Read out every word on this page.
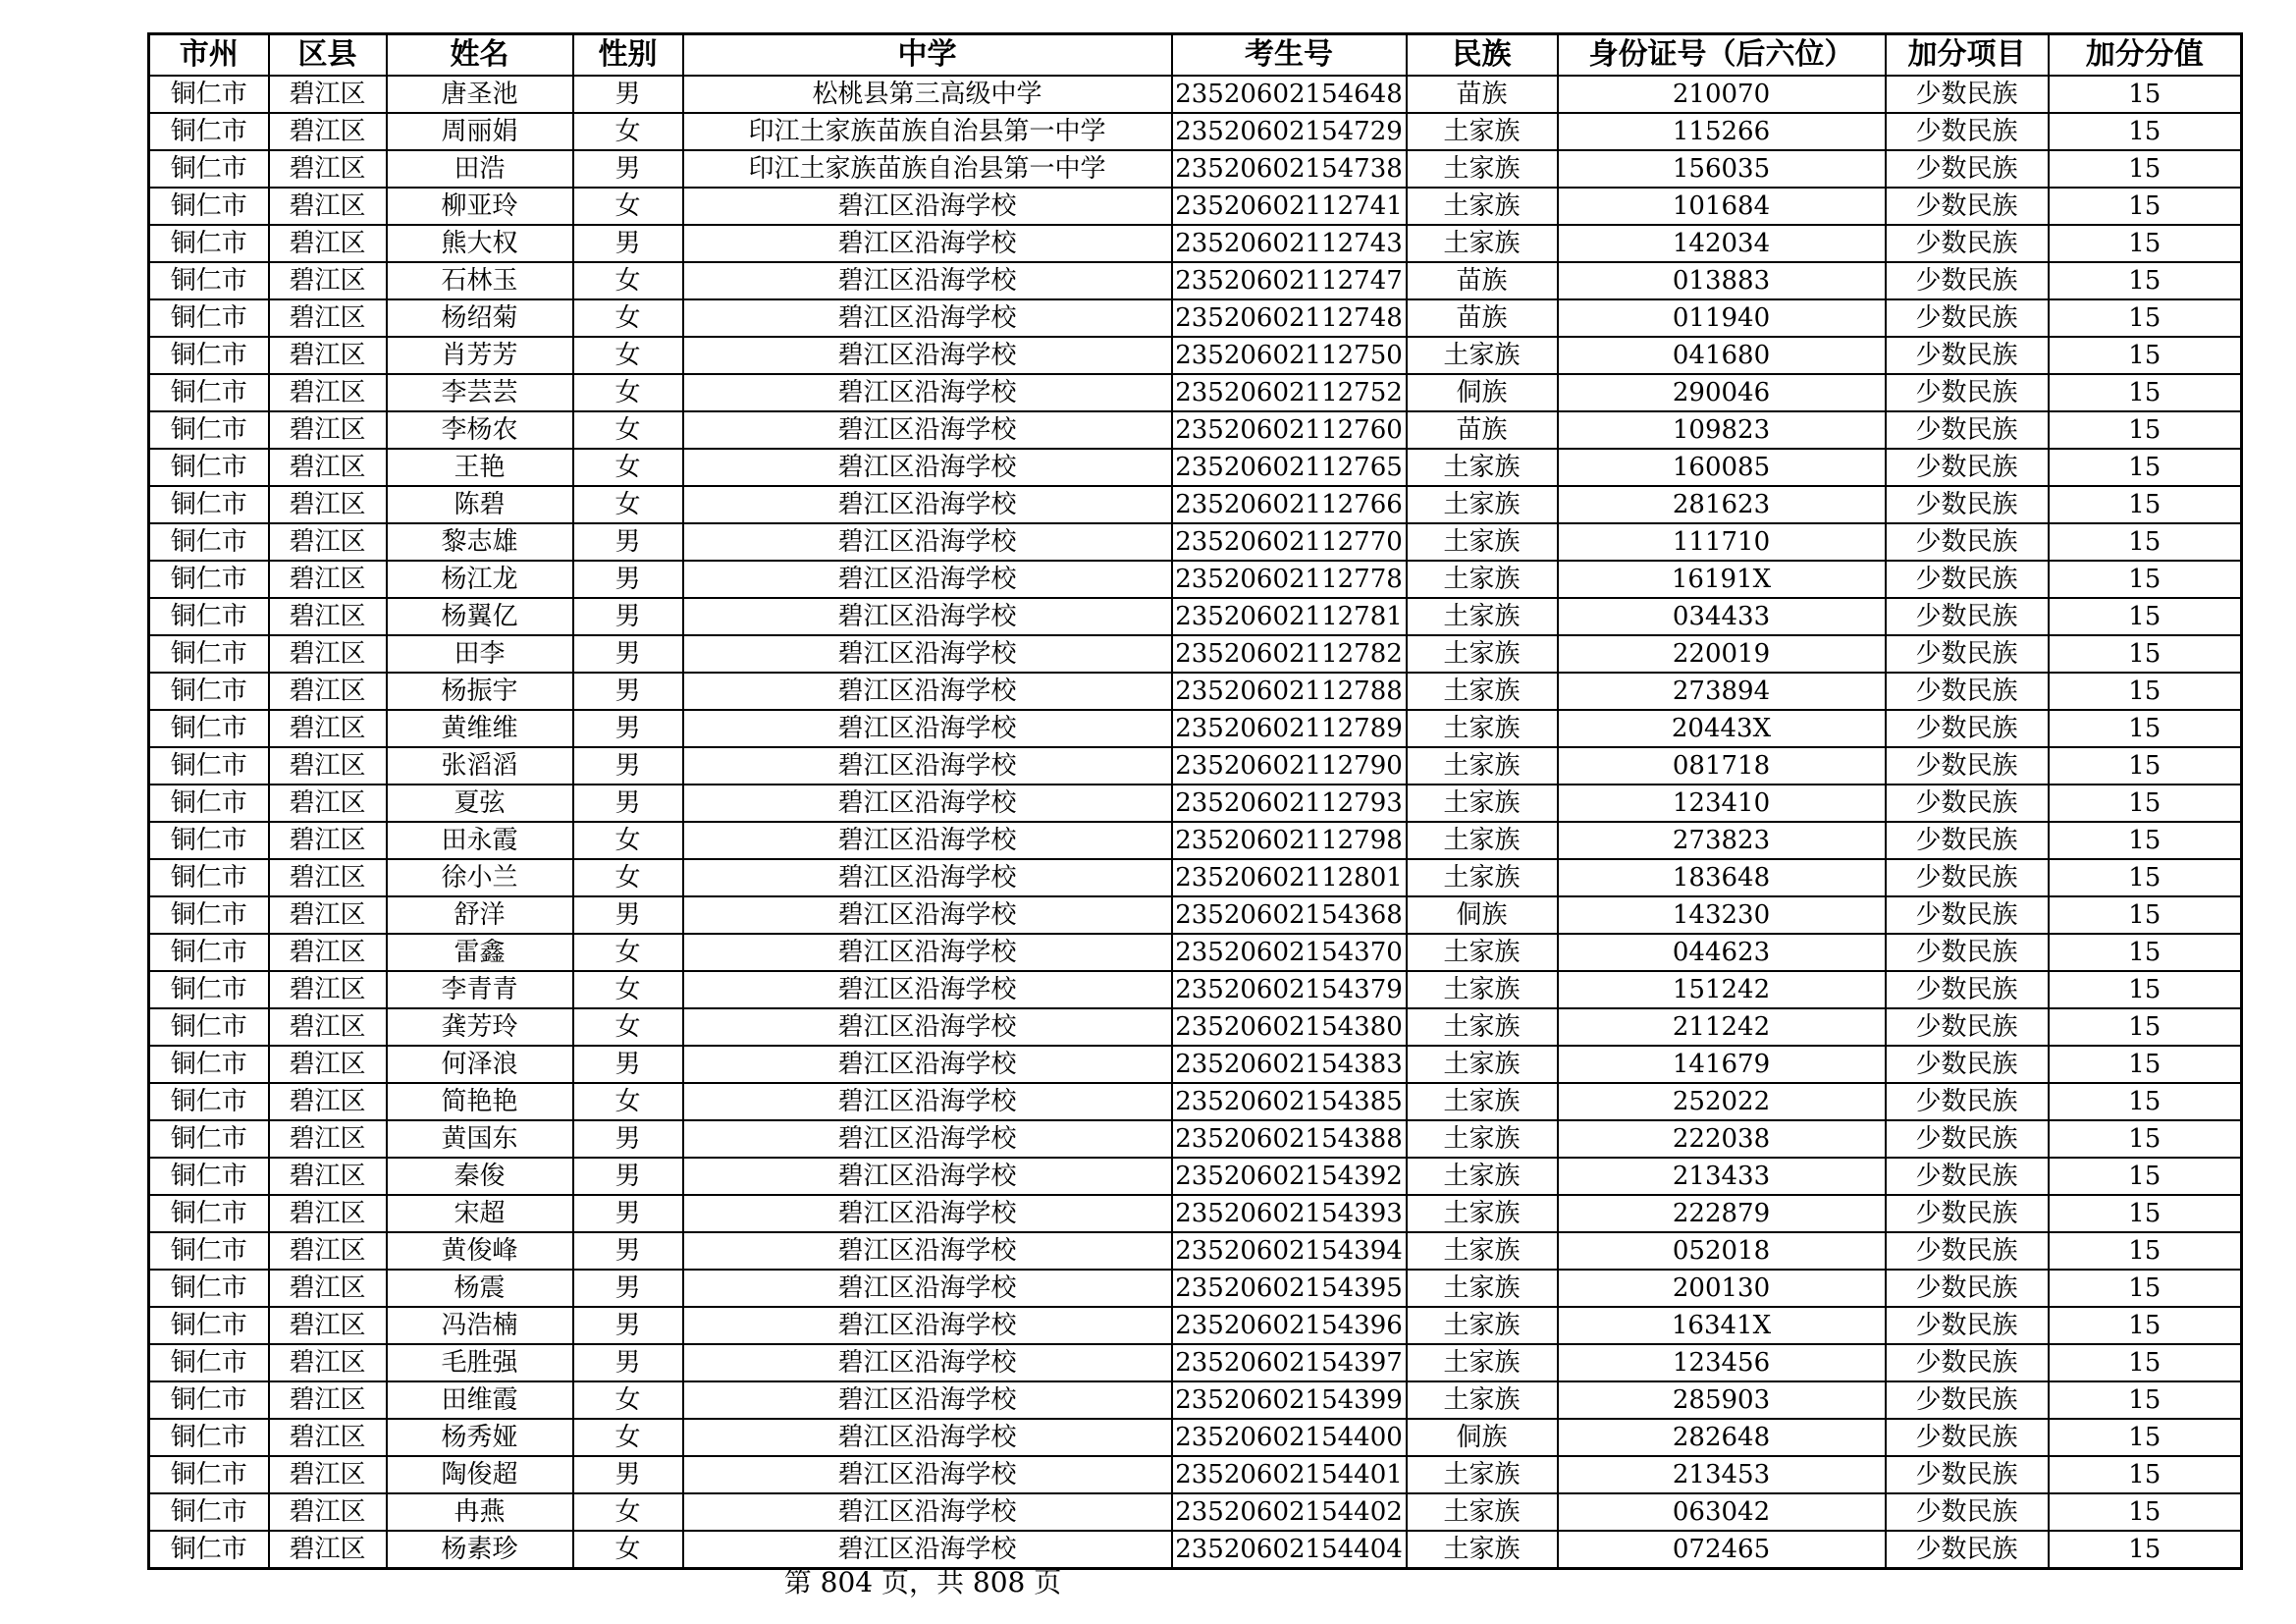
市州	区县	姓名	性别	中学	考生号	民族	身份证号（后六位）	加分项目	加分分值
铜仁市	碧江区	唐圣池	男	松桃县第三高级中学	23520602154648	苗族	210070	少数民族	15
铜仁市	碧江区	周丽娟	女	印江土家族苗族自治县第一中学	23520602154729	土家族	115266	少数民族	15
铜仁市	碧江区	田浩	男	印江土家族苗族自治县第一中学	23520602154738	土家族	156035	少数民族	15
铜仁市	碧江区	柳亚玲	女	碧江区沿海学校	23520602112741	土家族	101684	少数民族	15
铜仁市	碧江区	熊大权	男	碧江区沿海学校	23520602112743	土家族	142034	少数民族	15
铜仁市	碧江区	石林玉	女	碧江区沿海学校	23520602112747	苗族	013883	少数民族	15
铜仁市	碧江区	杨绍菊	女	碧江区沿海学校	23520602112748	苗族	011940	少数民族	15
铜仁市	碧江区	肖芳芳	女	碧江区沿海学校	23520602112750	土家族	041680	少数民族	15
铜仁市	碧江区	李芸芸	女	碧江区沿海学校	23520602112752	侗族	290046	少数民族	15
铜仁市	碧江区	李杨农	女	碧江区沿海学校	23520602112760	苗族	109823	少数民族	15
铜仁市	碧江区	王艳	女	碧江区沿海学校	23520602112765	土家族	160085	少数民族	15
铜仁市	碧江区	陈碧	女	碧江区沿海学校	23520602112766	土家族	281623	少数民族	15
铜仁市	碧江区	黎志雄	男	碧江区沿海学校	23520602112770	土家族	111710	少数民族	15
铜仁市	碧江区	杨江龙	男	碧江区沿海学校	23520602112778	土家族	16191X	少数民族	15
铜仁市	碧江区	杨翼亿	男	碧江区沿海学校	23520602112781	土家族	034433	少数民族	15
铜仁市	碧江区	田李	男	碧江区沿海学校	23520602112782	土家族	220019	少数民族	15
铜仁市	碧江区	杨振宇	男	碧江区沿海学校	23520602112788	土家族	273894	少数民族	15
铜仁市	碧江区	黄维维	男	碧江区沿海学校	23520602112789	土家族	20443X	少数民族	15
铜仁市	碧江区	张滔滔	男	碧江区沿海学校	23520602112790	土家族	081718	少数民族	15
铜仁市	碧江区	夏弦	男	碧江区沿海学校	23520602112793	土家族	123410	少数民族	15
铜仁市	碧江区	田永霞	女	碧江区沿海学校	23520602112798	土家族	273823	少数民族	15
铜仁市	碧江区	徐小兰	女	碧江区沿海学校	23520602112801	土家族	183648	少数民族	15
铜仁市	碧江区	舒洋	男	碧江区沿海学校	23520602154368	侗族	143230	少数民族	15
铜仁市	碧江区	雷鑫	女	碧江区沿海学校	23520602154370	土家族	044623	少数民族	15
铜仁市	碧江区	李青青	女	碧江区沿海学校	23520602154379	土家族	151242	少数民族	15
铜仁市	碧江区	龚芳玲	女	碧江区沿海学校	23520602154380	土家族	211242	少数民族	15
铜仁市	碧江区	何泽浪	男	碧江区沿海学校	23520602154383	土家族	141679	少数民族	15
铜仁市	碧江区	简艳艳	女	碧江区沿海学校	23520602154385	土家族	252022	少数民族	15
铜仁市	碧江区	黄国东	男	碧江区沿海学校	23520602154388	土家族	222038	少数民族	15
铜仁市	碧江区	秦俊	男	碧江区沿海学校	23520602154392	土家族	213433	少数民族	15
铜仁市	碧江区	宋超	男	碧江区沿海学校	23520602154393	土家族	222879	少数民族	15
铜仁市	碧江区	黄俊峰	男	碧江区沿海学校	23520602154394	土家族	052018	少数民族	15
铜仁市	碧江区	杨震	男	碧江区沿海学校	23520602154395	土家族	200130	少数民族	15
铜仁市	碧江区	冯浩楠	男	碧江区沿海学校	23520602154396	土家族	16341X	少数民族	15
铜仁市	碧江区	毛胜强	男	碧江区沿海学校	23520602154397	土家族	123456	少数民族	15
铜仁市	碧江区	田维霞	女	碧江区沿海学校	23520602154399	土家族	285903	少数民族	15
铜仁市	碧江区	杨秀娅	女	碧江区沿海学校	23520602154400	侗族	282648	少数民族	15
铜仁市	碧江区	陶俊超	男	碧江区沿海学校	23520602154401	土家族	213453	少数民族	15
铜仁市	碧江区	冉燕	女	碧江区沿海学校	23520602154402	土家族	063042	少数民族	15
铜仁市	碧江区	杨素珍	女	碧江区沿海学校	23520602154404	土家族	072465	少数民族	15
第 804 页，共 808 页
